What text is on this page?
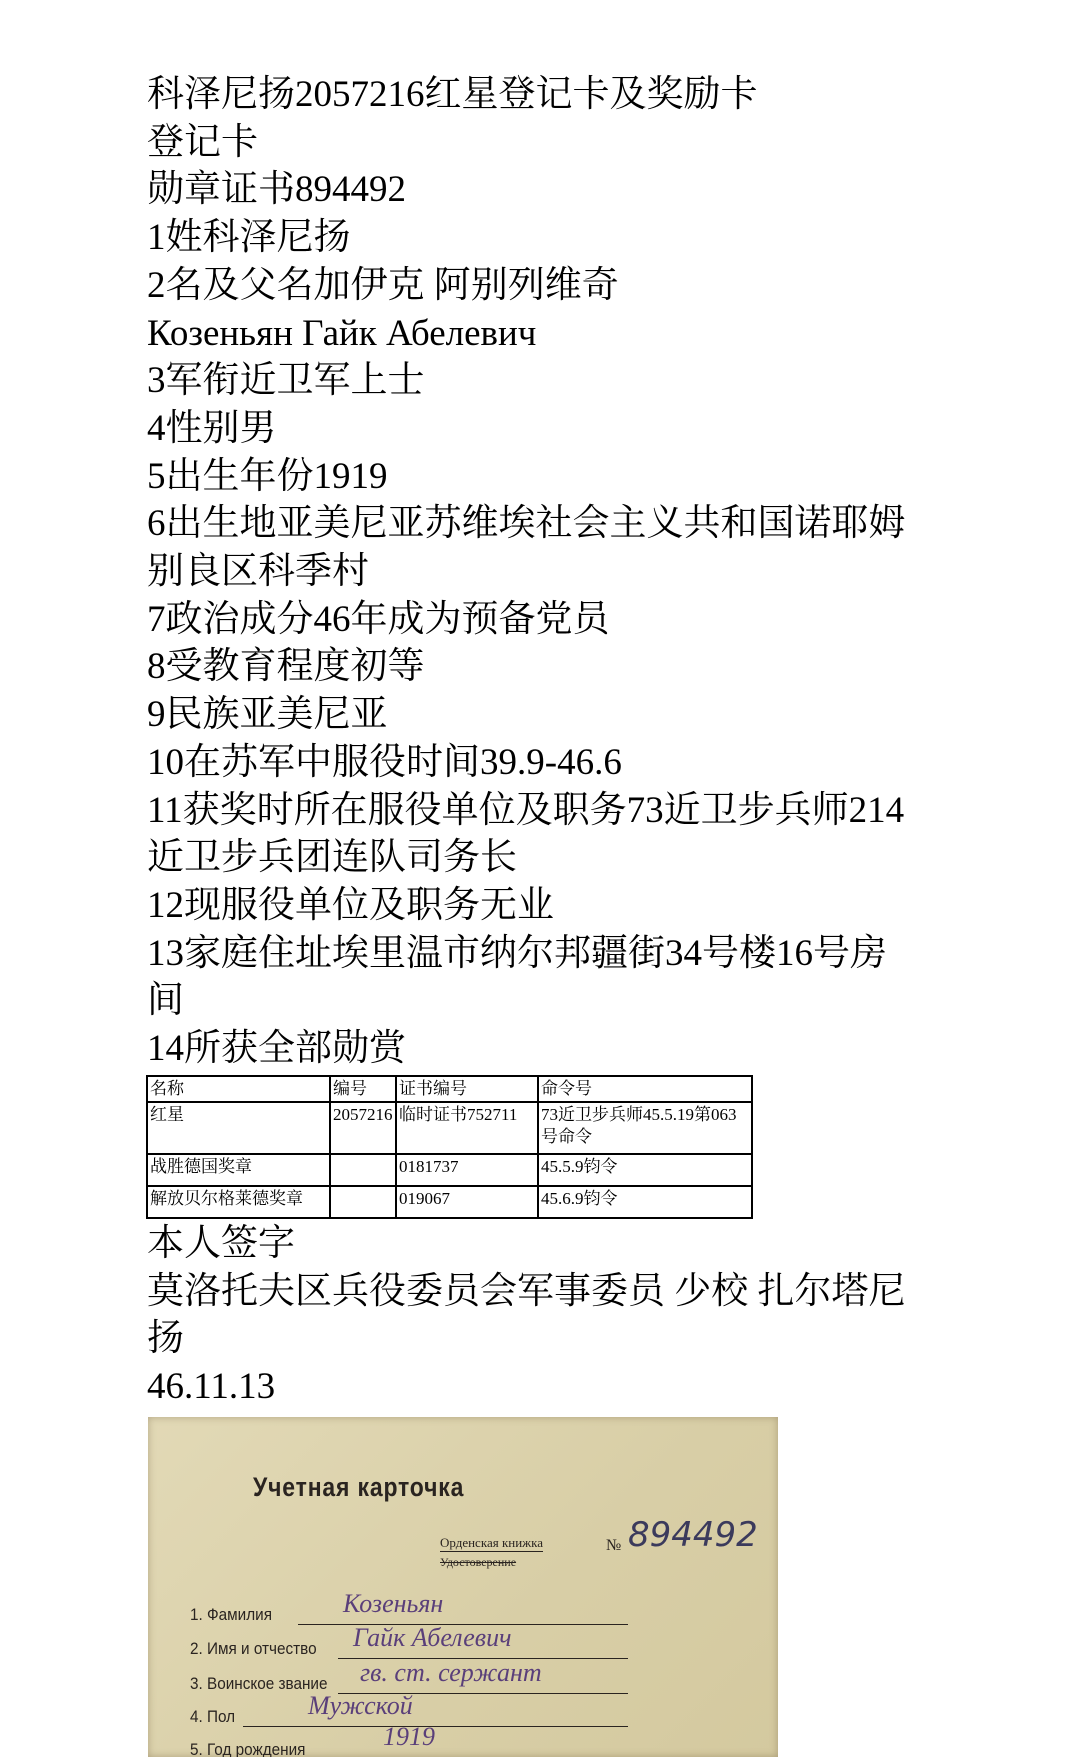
科泽尼扬2057216红星登记卡及奖励卡
登记卡
勋章证书894492
1姓科泽尼扬
2名及父名加伊克 阿别列维奇
Козеньян Гайк Абелевич
3军衔近卫军上士
4性别男
5出生年份1919
6出生地亚美尼亚苏维埃社会主义共和国诺耶姆
别良区科季村
7政治成分46年成为预备党员
8受教育程度初等
9民族亚美尼亚
10在苏军中服役时间39.9-46.6
11获奖时所在服役单位及职务73近卫步兵师214
近卫步兵团连队司务长
12现服役单位及职务无业
13家庭住址埃里温市纳尔邦疆街34号楼16号房
间
14所获全部勋赏
名称	编号	证书编号	命令号
红星	2057216	临时证书752711	73近卫步兵师45.5.19第063号命令
战胜德国奖章		0181737	45.5.9钧令
解放贝尔格莱德奖章		019067	45.6.9钧令
本人签字
莫洛托夫区兵役委员会军事委员 少校 扎尔塔尼
扬
46.11.13
Учетная карточка
Орденская книжка
Удостоверение
№ 894492
1. Фамилия	Козеньян
2. Имя и отчество	Гайк Абелевич
3. Воинское звание	гв. ст. сержант
4. Пол	Мужской
5. Год рождения	1919
